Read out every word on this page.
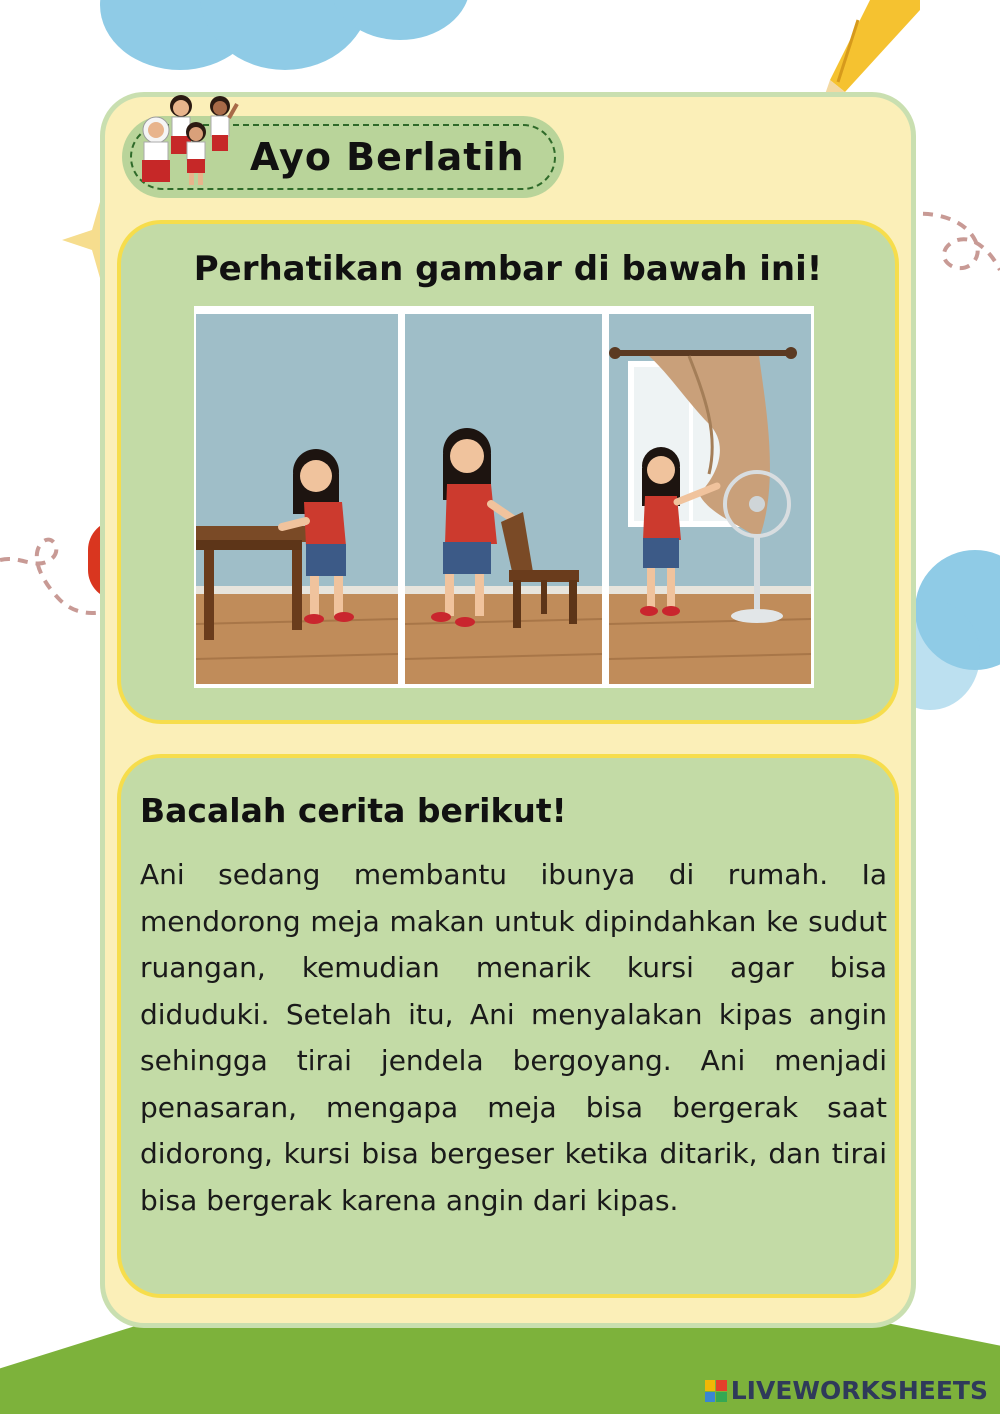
Ayo Berlatih
Perhatikan gambar di bawah ini!
Bacalah cerita berikut!
Ani sedang membantu ibunya di rumah. Ia mendorong meja makan untuk dipindahkan ke sudut ruangan, kemudian menarik kursi agar bisa diduduki. Setelah itu, Ani menyalakan kipas angin sehingga tirai jendela bergoyang. Ani menjadi penasaran, mengapa meja bisa bergerak saat didorong, kursi bisa bergeser ketika ditarik, dan tirai bisa bergerak karena angin dari kipas.
LIVEWORKSHEETS
